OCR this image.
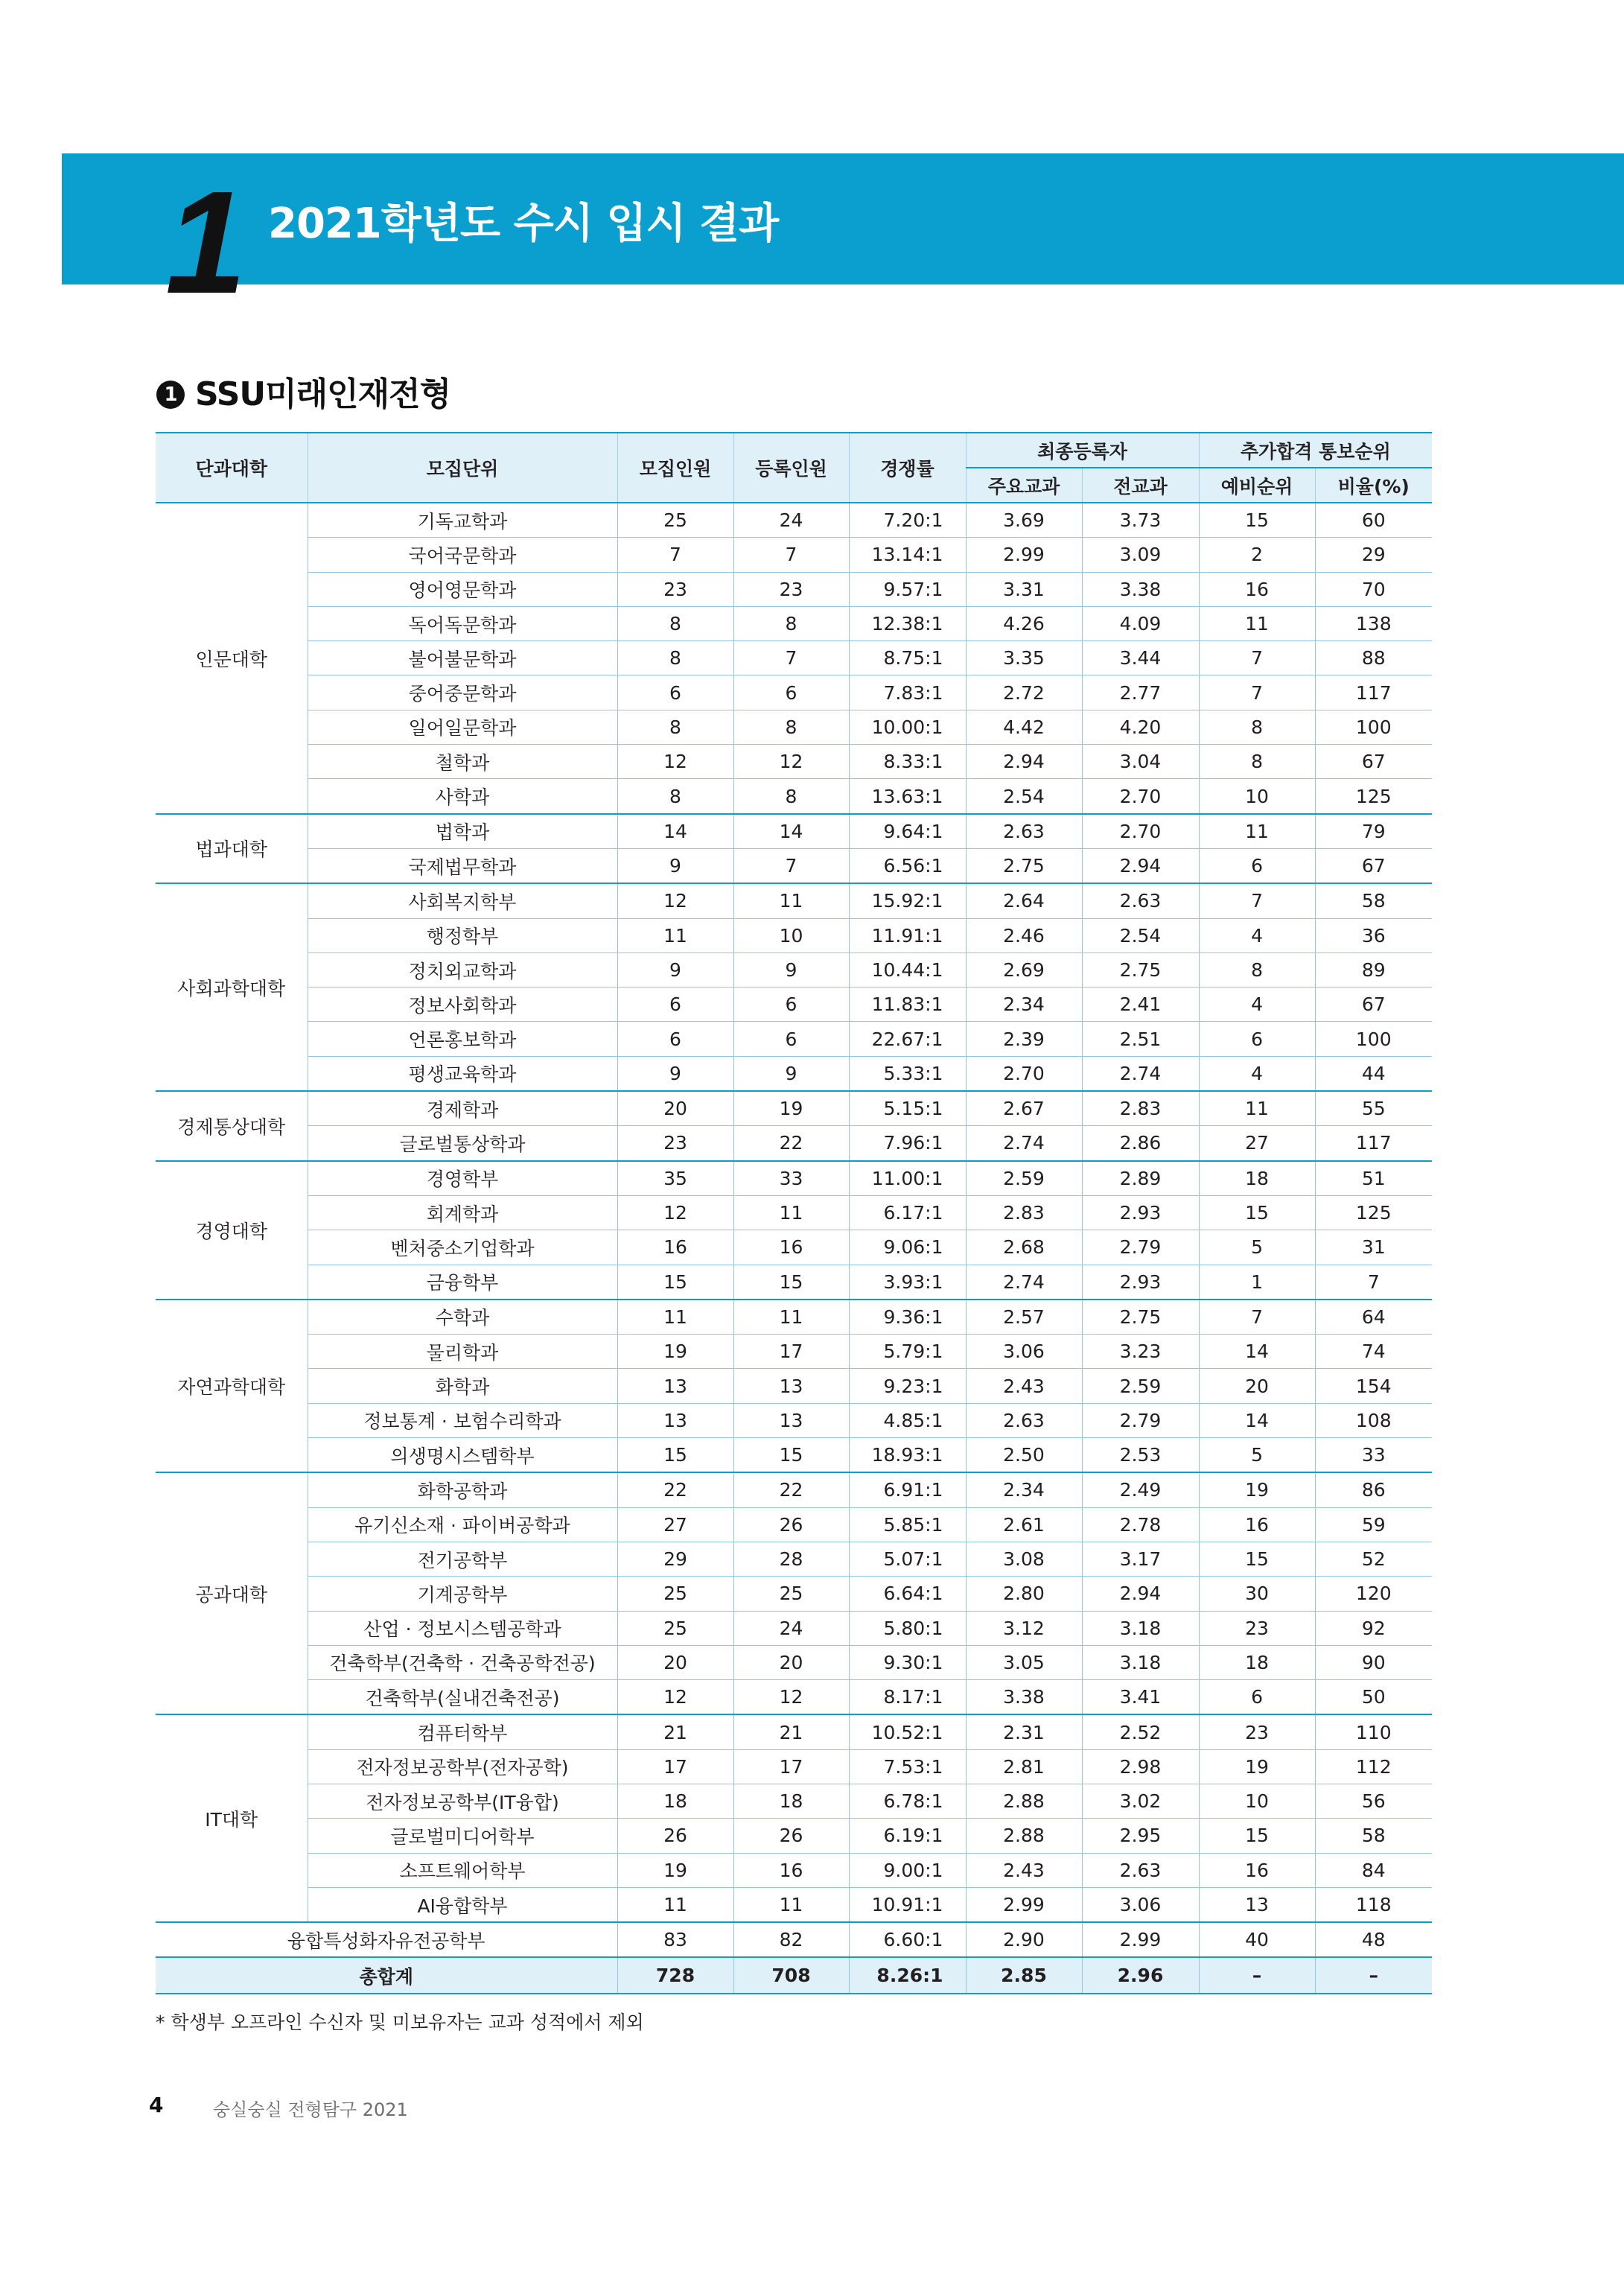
1 2021학년도 수시 입시 결과
1 SSU미래인재전형
단과대학	모집단위	모집인원	등록인원	경쟁률	최종등록자		추가합격 통보순위	
					주요교과	전교과	예비순위	비율(%)
인문대학	기독교학과	25	24	7.20:1	3.69	3.73	15	60
	국어국문학과	7	7	13.14:1	2.99	3.09	2	29
	영어영문학과	23	23	9.57:1	3.31	3.38	16	70
	독어독문학과	8	8	12.38:1	4.26	4.09	11	138
	불어불문학과	8	7	8.75:1	3.35	3.44	7	88
	중어중문학과	6	6	7.83:1	2.72	2.77	7	117
	일어일문학과	8	8	10.00:1	4.42	4.20	8	100
	철학과	12	12	8.33:1	2.94	3.04	8	67
	사학과	8	8	13.63:1	2.54	2.70	10	125
법과대학	법학과	14	14	9.64:1	2.63	2.70	11	79
	국제법무학과	9	7	6.56:1	2.75	2.94	6	67
사회과학대학	사회복지학부	12	11	15.92:1	2.64	2.63	7	58
	행정학부	11	10	11.91:1	2.46	2.54	4	36
	정치외교학과	9	9	10.44:1	2.69	2.75	8	89
	정보사회학과	6	6	11.83:1	2.34	2.41	4	67
	언론홍보학과	6	6	22.67:1	2.39	2.51	6	100
	평생교육학과	9	9	5.33:1	2.70	2.74	4	44
경제통상대학	경제학과	20	19	5.15:1	2.67	2.83	11	55
	글로벌통상학과	23	22	7.96:1	2.74	2.86	27	117
경영대학	경영학부	35	33	11.00:1	2.59	2.89	18	51
	회계학과	12	11	6.17:1	2.83	2.93	15	125
	벤처중소기업학과	16	16	9.06:1	2.68	2.79	5	31
	금융학부	15	15	3.93:1	2.74	2.93	1	7
자연과학대학	수학과	11	11	9.36:1	2.57	2.75	7	64
	물리학과	19	17	5.79:1	3.06	3.23	14	74
	화학과	13	13	9.23:1	2.43	2.59	20	154
	정보통계 · 보험수리학과	13	13	4.85:1	2.63	2.79	14	108
	의생명시스템학부	15	15	18.93:1	2.50	2.53	5	33
공과대학	화학공학과	22	22	6.91:1	2.34	2.49	19	86
	유기신소재 · 파이버공학과	27	26	5.85:1	2.61	2.78	16	59
	전기공학부	29	28	5.07:1	3.08	3.17	15	52
	기계공학부	25	25	6.64:1	2.80	2.94	30	120
	산업 · 정보시스템공학과	25	24	5.80:1	3.12	3.18	23	92
	건축학부(건축학 · 건축공학전공)	20	20	9.30:1	3.05	3.18	18	90
	건축학부(실내건축전공)	12	12	8.17:1	3.38	3.41	6	50
IT대학	컴퓨터학부	21	21	10.52:1	2.31	2.52	23	110
	전자정보공학부(전자공학)	17	17	7.53:1	2.81	2.98	19	112
	전자정보공학부(IT융합)	18	18	6.78:1	2.88	3.02	10	56
	글로벌미디어학부	26	26	6.19:1	2.88	2.95	15	58
	소프트웨어학부	19	16	9.00:1	2.43	2.63	16	84
	AI융합학부	11	11	10.91:1	2.99	3.06	13	118
융합특성화자유전공학부		83	82	6.60:1	2.90	2.99	40	48
총합계		728	708	8.26:1	2.85	2.96	–	–
* 학생부 오프라인 수신자 및 미보유자는 교과 성적에서 제외
4	숭실숭실 전형탐구 2021
